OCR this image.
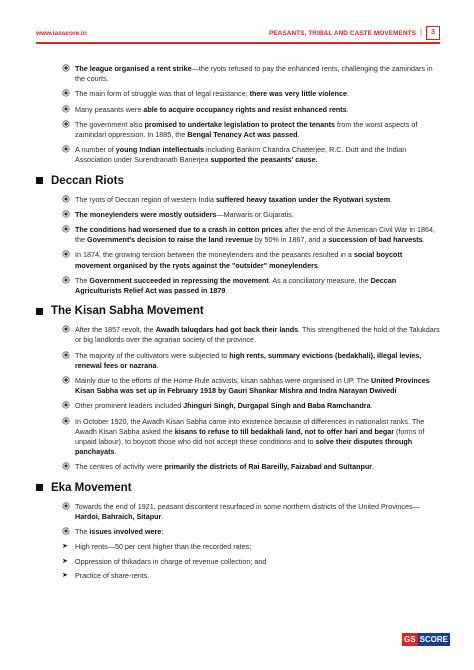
www.iasscore.in	PEASANTS, TRIBAL AND CASTE MOVEMENTS |	3
The league organised a rent strike—the ryots refused to pay the enhanced rents, challenging the zamindars in the courts.
The main form of struggle was that of legal resistance; there was very little violence.
Many peasants were able to acquire occupancy rights and resist enhanced rents.
The government also promised to undertake legislation to protect the tenants from the worst aspects of zamindari oppression. In 1885, the Bengal Tenancy Act was passed.
A number of young Indian intellectuals including Bankim Chandra Chatterjee, R.C. Dutt and the Indian Association under Surendranath Banerjea supported the peasants' cause.
Deccan Riots
The ryots of Deccan region of western India suffered heavy taxation under the Ryotwari system.
The moneylenders were mostly outsiders—Marwaris or Gujaratis.
The conditions had worsened due to a crash in cotton prices after the end of the American Civil War in 1864, the Government's decision to raise the land revenue by 50% in 1867, and a succession of bad harvests.
In 1874, the growing tension between the moneylenders and the peasants resulted in a social boycott movement organised by the ryots against the "outsider" moneylenders.
The Government succeeded in repressing the movement. As a conciliatory measure, the Deccan Agriculturists Relief Act was passed in 1879.
The Kisan Sabha Movement
After the 1857 revolt, the Awadh taluqdars had got back their lands. This strengthened the hold of the Talukdars or big landlords over the agrarian society of the province.
The majority of the cultivators were subjected to high rents, summary evictions (bedakhali), illegal levies, renewal fees or nazrana.
Mainly due to the efforts of the Home Rule activists, kisan sabhas were organised in UP. The United Provinces Kisan Sabha was set up in February 1918 by Gauri Shankar Mishra and Indra Narayan Dwivedi
Other prominent leaders included Jhinguri Singh, Durgapal Singh and Baba Ramchandra.
In October 1920, the Awadh Kisan Sabha came into existence because of differences in nationalist ranks. The Awadh Kisan Sabha asked the kisans to refuse to till bedakhali land, not to offer hari and begar (forms of unpaid labour), to boycott those who did not accept these conditions and to solve their disputes through panchayats.
The centres of activity were primarily the districts of Rai Bareilly, Faizabad and Sultanpur.
Eka Movement
Towards the end of 1921, peasant discontent resurfaced in some northern districts of the United Provinces—Hardoi, Bahraich, Sitapur.
The issues involved were:
➤ High rents—50 per cent higher than the recorded rates;
➤ Oppression of thikadars in charge of revenue collection; and
➤ Practice of share-rents.
GS SCORE
